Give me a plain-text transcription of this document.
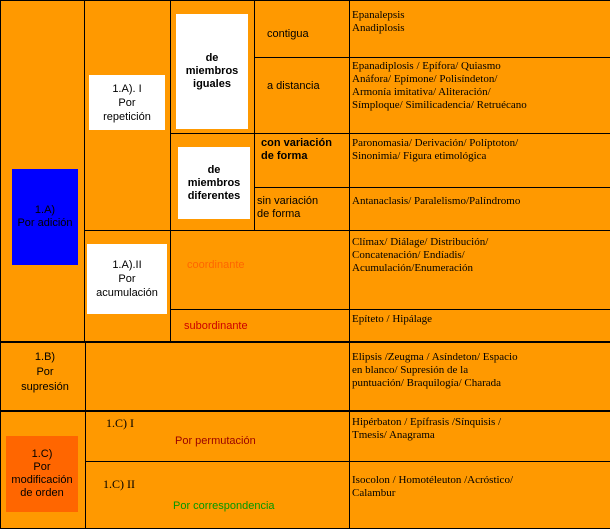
1.A)
Por adición
1.A). I
Por
repetición
1.A).II
Por
acumulación
de
miembros
iguales
de
miembros
diferentes
contigua
a distancia
con variación
de forma
sin variación
de forma
coordinante
subordinante
Epanalepsis
Anadiplosis
Epanadiplosis / Epífora/ Quiasmo
Anáfora/ Epímone/ Polisíndeton/
Armonía imitativa/ Aliteración/
Símploque/ Similicadencia/ Retruécano
Paronomasia/ Derivación/ Políptoton/
Sinonimia/ Figura etimológica
Antanaclasis/ Paralelismo/Palíndromo
Clímax/ Diálage/ Distribución/
Concatenación/ Endíadis/
Acumulación/Enumeración
Epíteto / Hipálage
1.B)
Por
supresión
Elipsis /Zeugma / Asíndeton/ Espacio
en blanco/ Supresión de la
puntuación/ Braquilogía/ Charada
1.C)
Por
modificación
de orden
1.C) I
Por permutación
1.C) II
Por correspondencia
Hipérbaton / Epífrasis /Sínquisis /
Tmesis/ Anagrama
Isocolon / Homotéleuton /Acróstico/
Calambur
